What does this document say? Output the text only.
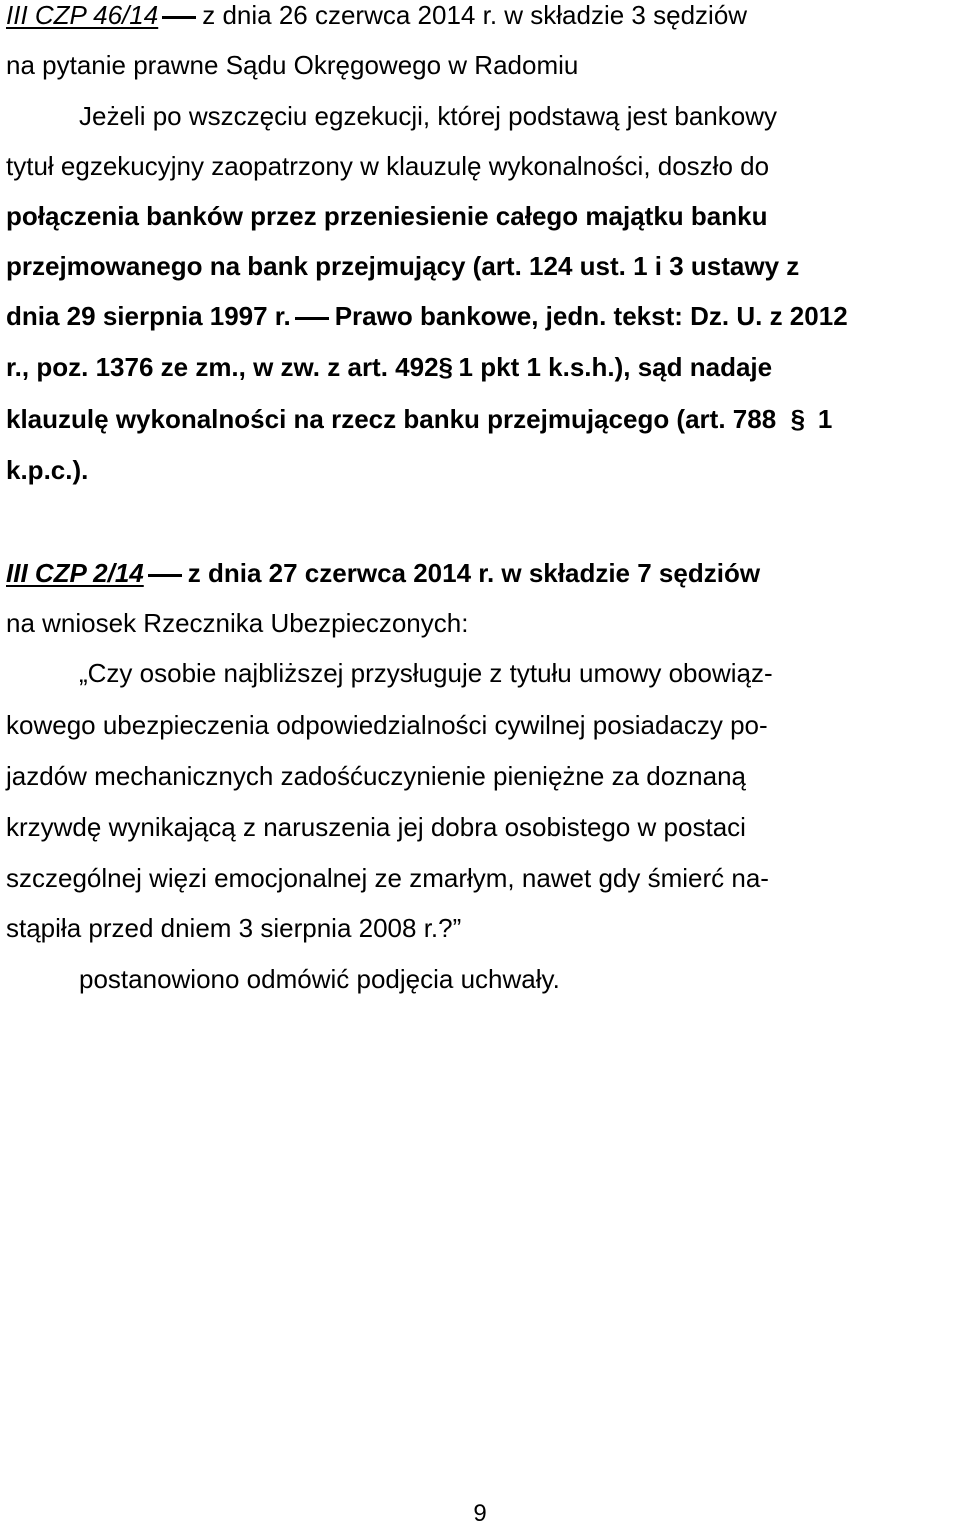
III CZP 46/14 z dnia 26 czerwca 2014 r. w składzie 3 sędziów
na pytanie prawne Sądu Okręgowego w Radomiu
Jeżeli po wszczęciu egzekucji, której podstawą jest bankowy
tytuł egzekucyjny zaopatrzony w klauzulę wykonalności, doszło do
połączenia banków przez przeniesienie całego majątku banku
przejmowanego na bank przejmujący (art. 124 ust. 1 i 3 ustawy z
dnia 29 sierpnia 1997 r. Prawo bankowe, jedn. tekst: Dz. U. z 2012
r., poz. 1376 ze zm., w zw. z art. 492§ 1 pkt 1 k.s.h.), sąd nadaje
klauzulę wykonalności na rzecz banku przejmującego (art. 788 § 1
k.p.c.).
III CZP 2/14 z dnia 27 czerwca 2014 r. w składzie 7 sędziów
na wniosek Rzecznika Ubezpieczonych:
„Czy osobie najbliższej przysługuje z tytułu umowy obowiąz-
kowego ubezpieczenia odpowiedzialności cywilnej posiadaczy po-
jazdów mechanicznych zadośćuczynienie pieniężne za doznaną
krzywdę wynikającą z naruszenia jej dobra osobistego w postaci
szczególnej więzi emocjonalnej ze zmarłym, nawet gdy śmierć na-
stąpiła przed dniem 3 sierpnia 2008 r.?”
postanowiono odmówić podjęcia uchwały.
9
